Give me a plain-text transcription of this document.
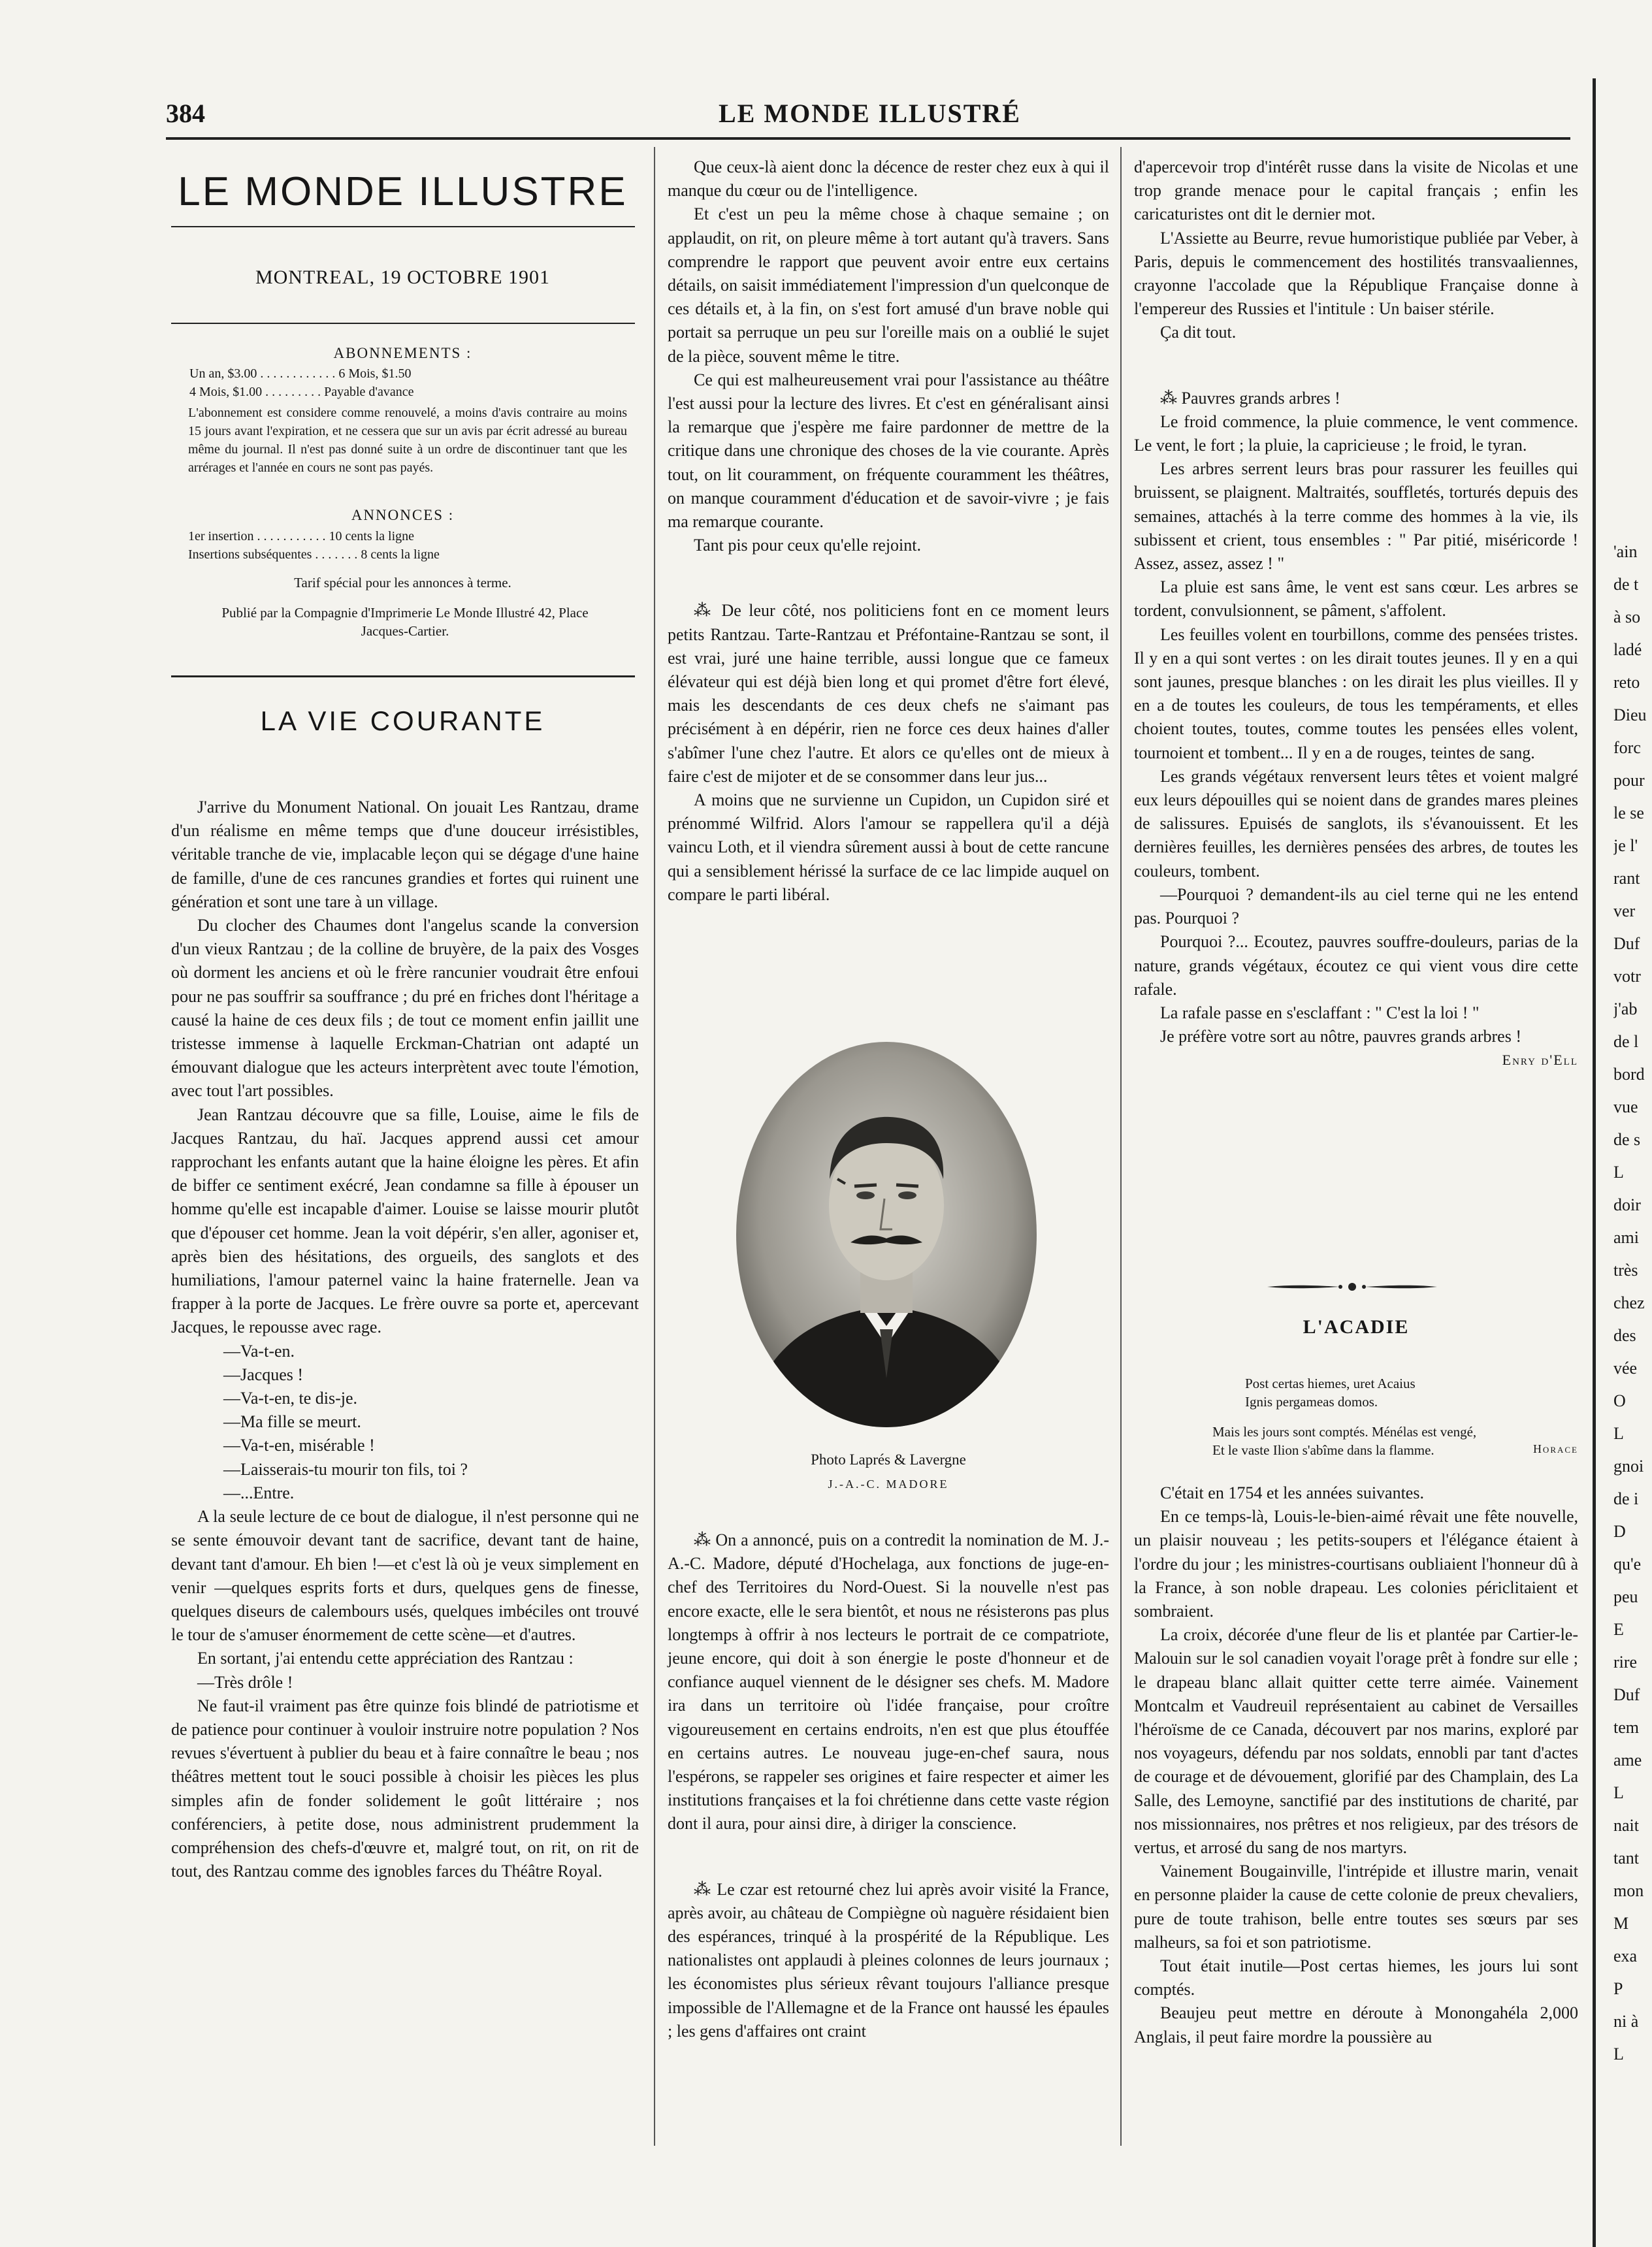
384	LE MONDE ILLUSTRÉ
LE MONDE ILLUSTRE
MONTREAL, 19 OCTOBRE 1901
ABONNEMENTS :
Un an, $3.00 . . . . . . . . . . . . 6 Mois, $1.50
4 Mois, $1.00 . . . . . . . . . Payable d'avance
L'abonnement est considere comme renouvelé, a moins d'avis contraire au moins 15 jours avant l'expiration, et ne cessera que sur un avis par écrit adressé au bureau même du journal. Il n'est pas donné suite à un ordre de discontinuer tant que les arrérages et l'année en cours ne sont pas payés.
ANNONCES :
1er insertion . . . . . . . . . . . 10 cents la ligne
Insertions subséquentes . . . . . . . 8 cents la ligne
Tarif spécial pour les annonces à terme.
Publié par la Compagnie d'Imprimerie Le Monde Illustré 42, Place Jacques-Cartier.
LA VIE COURANTE

J'arrive du Monument National. On jouait Les Rantzau, drame d'un réalisme en même temps que d'une douceur irrésistibles, véritable tranche de vie, implacable leçon qui se dégage d'une haine de famille, d'une de ces rancunes grandies et fortes qui ruinent une génération et sont une tare à un village.

Du clocher des Chaumes dont l'angelus scande la conversion d'un vieux Rantzau ; de la colline de bruyère, de la paix des Vosges où dorment les anciens et où le frère rancunier voudrait être enfoui pour ne pas souffrir sa souffrance ; du pré en friches dont l'héritage a causé la haine de ces deux fils ; de tout ce moment enfin jaillit une tristesse immense à laquelle Erckman-Chatrian ont adapté un émouvant dialogue que les acteurs interprètent avec toute l'émotion, avec tout l'art possibles.

Jean Rantzau découvre que sa fille, Louise, aime le fils de Jacques Rantzau, du haï. Jacques apprend aussi cet amour rapprochant les enfants autant que la haine éloigne les pères. Et afin de biffer ce sentiment exécré, Jean condamne sa fille à épouser un homme qu'elle est incapable d'aimer. Louise se laisse mourir plutôt que d'épouser cet homme. Jean la voit dépérir, s'en aller, agoniser et, après bien des hésitations, des orgueils, des sanglots et des humiliations, l'amour paternel vainc la haine fraternelle. Jean va frapper à la porte de Jacques. Le frère ouvre sa porte et, apercevant Jacques, le repousse avec rage.

—Va-t-en.

—Jacques !

—Va-t-en, te dis-je.

—Ma fille se meurt.

—Va-t-en, misérable !

—Laisserais-tu mourir ton fils, toi ?

—...Entre.

A la seule lecture de ce bout de dialogue, il n'est personne qui ne se sente émouvoir devant tant de sacrifice, devant tant de haine, devant tant d'amour. Eh bien !—et c'est là où je veux simplement en venir —quelques esprits forts et durs, quelques gens de finesse, quelques diseurs de calembours usés, quelques imbéciles ont trouvé le tour de s'amuser énormement de cette scène—et d'autres.

En sortant, j'ai entendu cette appréciation des Rantzau :

—Très drôle !

Ne faut-il vraiment pas être quinze fois blindé de patriotisme et de patience pour continuer à vouloir instruire notre population ? Nos revues s'évertuent à publier du beau et à faire connaître le beau ; nos théâtres mettent tout le souci possible à choisir les pièces les plus simples afin de fonder solidement le goût littéraire ; nos conférenciers, à petite dose, nous administrent prudemment la compréhension des chefs-d'œuvre et, malgré tout, on rit, on rit de tout, des Rantzau comme des ignobles farces du Théâtre Royal.

Que ceux-là aient donc la décence de rester chez eux à qui il manque du cœur ou de l'intelligence.

Et c'est un peu la même chose à chaque semaine ; on applaudit, on rit, on pleure même à tort autant qu'à travers. Sans comprendre le rapport que peuvent avoir entre eux certains détails, on saisit immédiatement l'impression d'un quelconque de ces détails et, à la fin, on s'est fort amusé d'un brave noble qui portait sa perruque un peu sur l'oreille mais on a oublié le sujet de la pièce, souvent même le titre.

Ce qui est malheureusement vrai pour l'assistance au théâtre l'est aussi pour la lecture des livres. Et c'est en généralisant ainsi la remarque que j'espère me faire pardonner de mettre de la critique dans une chronique des choses de la vie courante. Après tout, on lit couramment, on fréquente couramment les théâtres, on manque couramment d'éducation et de savoir-vivre ; je fais ma remarque courante.

Tant pis pour ceux qu'elle rejoint.

⁂ De leur côté, nos politiciens font en ce moment leurs petits Rantzau. Tarte-Rantzau et Préfontaine-Rantzau se sont, il est vrai, juré une haine terrible, aussi longue que ce fameux élévateur qui est déjà bien long et qui promet d'être fort élevé, mais les descendants de ces deux chefs ne s'aimant pas précisément à en dépérir, rien ne force ces deux haines d'aller s'abîmer l'une chez l'autre. Et alors ce qu'elles ont de mieux à faire c'est de mijoter et de se consommer dans leur jus...

A moins que ne survienne un Cupidon, un Cupidon siré et prénommé Wilfrid. Alors l'amour se rappellera qu'il a déjà vaincu Loth, et il viendra sûrement aussi à bout de cette rancune qui a sensiblement hérissé la surface de ce lac limpide auquel on compare le parti libéral.

Photo Laprés & Lavergne
J.-A.-C. MADORE

⁂ On a annoncé, puis on a contredit la nomination de M. J.-A.-C. Madore, député d'Hochelaga, aux fonctions de juge-en-chef des Territoires du Nord-Ouest. Si la nouvelle n'est pas encore exacte, elle le sera bientôt, et nous ne résisterons pas plus longtemps à offrir à nos lecteurs le portrait de ce compatriote, jeune encore, qui doit à son énergie le poste d'honneur et de confiance auquel viennent de le désigner ses chefs. M. Madore ira dans un territoire où l'idée française, pour croître vigoureusement en certains endroits, n'en est que plus étouffée en certains autres. Le nouveau juge-en-chef saura, nous l'espérons, se rappeler ses origines et faire respecter et aimer les institutions françaises et la foi chrétienne dans cette vaste région dont il aura, pour ainsi dire, à diriger la conscience.

⁂ Le czar est retourné chez lui après avoir visité la France, après avoir, au château de Compiègne où naguère résidaient bien des espérances, trinqué à la prospérité de la République. Les nationalistes ont applaudi à pleines colonnes de leurs journaux ; les économistes plus sérieux rêvant toujours l'alliance presque impossible de l'Allemagne et de la France ont haussé les épaules ; les gens d'affaires ont craint

d'apercevoir trop d'intérêt russe dans la visite de Nicolas et une trop grande menace pour le capital français ; enfin les caricaturistes ont dit le dernier mot.

L'Assiette au Beurre, revue humoristique publiée par Veber, à Paris, depuis le commencement des hostilités transvaaliennes, crayonne l'accolade que la République Française donne à l'empereur des Russies et l'intitule : Un baiser stérile.

Ça dit tout.

⁂ Pauvres grands arbres !

Le froid commence, la pluie commence, le vent commence. Le vent, le fort ; la pluie, la capricieuse ; le froid, le tyran.

Les arbres serrent leurs bras pour rassurer les feuilles qui bruissent, se plaignent. Maltraités, souffletés, torturés depuis des semaines, attachés à la terre comme des hommes à la vie, ils subissent et crient, tous ensembles : " Par pitié, miséricorde ! Assez, assez, assez ! "

La pluie est sans âme, le vent est sans cœur. Les arbres se tordent, convulsionnent, se pâment, s'affolent.

Les feuilles volent en tourbillons, comme des pensées tristes. Il y en a qui sont vertes : on les dirait toutes jeunes. Il y en a qui sont jaunes, presque blanches : on les dirait les plus vieilles. Il y en a de toutes les couleurs, de tous les tempéraments, et elles choient toutes, toutes, comme toutes les pensées elles volent, tournoient et tombent... Il y en a de rouges, teintes de sang.

Les grands végétaux renversent leurs têtes et voient malgré eux leurs dépouilles qui se noient dans de grandes mares pleines de salissures. Epuisés de sanglots, ils s'évanouissent. Et les dernières feuilles, les dernières pensées des arbres, de toutes les couleurs, tombent.

—Pourquoi ? demandent-ils au ciel terne qui ne les entend pas. Pourquoi ?

Pourquoi ?... Ecoutez, pauvres souffre-douleurs, parias de la nature, grands végétaux, écoutez ce qui vient vous dire cette rafale.

La rafale passe en s'esclaffant : " C'est la loi ! "

Je préfère votre sort au nôtre, pauvres grands arbres !

Enry d'Ell
L'ACADIE
Post certas hiemes, uret Acaius
Ignis pergameas domos.
Mais les jours sont comptés. Ménélas est vengé,
Et le vaste Ilion s'abîme dans la flamme.	Horace

C'était en 1754 et les années suivantes.

En ce temps-là, Louis-le-bien-aimé rêvait une fête nouvelle, un plaisir nouveau ; les petits-soupers et l'élégance étaient à l'ordre du jour ; les ministres-courtisans oubliaient l'honneur dû à la France, à son noble drapeau. Les colonies périclitaient et sombraient.

La croix, décorée d'une fleur de lis et plantée par Cartier-le-Malouin sur le sol canadien voyait l'orage prêt à fondre sur elle ; le drapeau blanc allait quitter cette terre aimée. Vainement Montcalm et Vaudreuil représentaient au cabinet de Versailles l'héroïsme de ce Canada, découvert par nos marins, exploré par nos voyageurs, défendu par nos soldats, ennobli par tant d'actes de courage et de dévouement, glorifié par des Champlain, des La Salle, des Lemoyne, sanctifié par des institutions de charité, par nos missionnaires, nos prêtres et nos religieux, par des trésors de vertus, et arrosé du sang de nos martyrs.

Vainement Bougainville, l'intrépide et illustre marin, venait en personne plaider la cause de cette colonie de preux chevaliers, pure de toute trahison, belle entre toutes ses sœurs par ses malheurs, sa foi et son patriotisme.

Tout était inutile—Post certas hiemes, les jours lui sont comptés.

Beaujeu peut mettre en déroute à Monongahéla 2,000 Anglais, il peut faire mordre la poussière au

'ain
de t
à so
ladé
reto
Dieu
forc
pour
le se
je l'
rant
ver
Duf
votr
j'ab
de l
bord
vue
de s
L
doir
ami
très
chez
des
vée
O
L
gnoi
de i
D
qu'e
peu
E
rire
Duf
tem
ame
L
nait
tant
mon
M
exa
P
ni à
L
